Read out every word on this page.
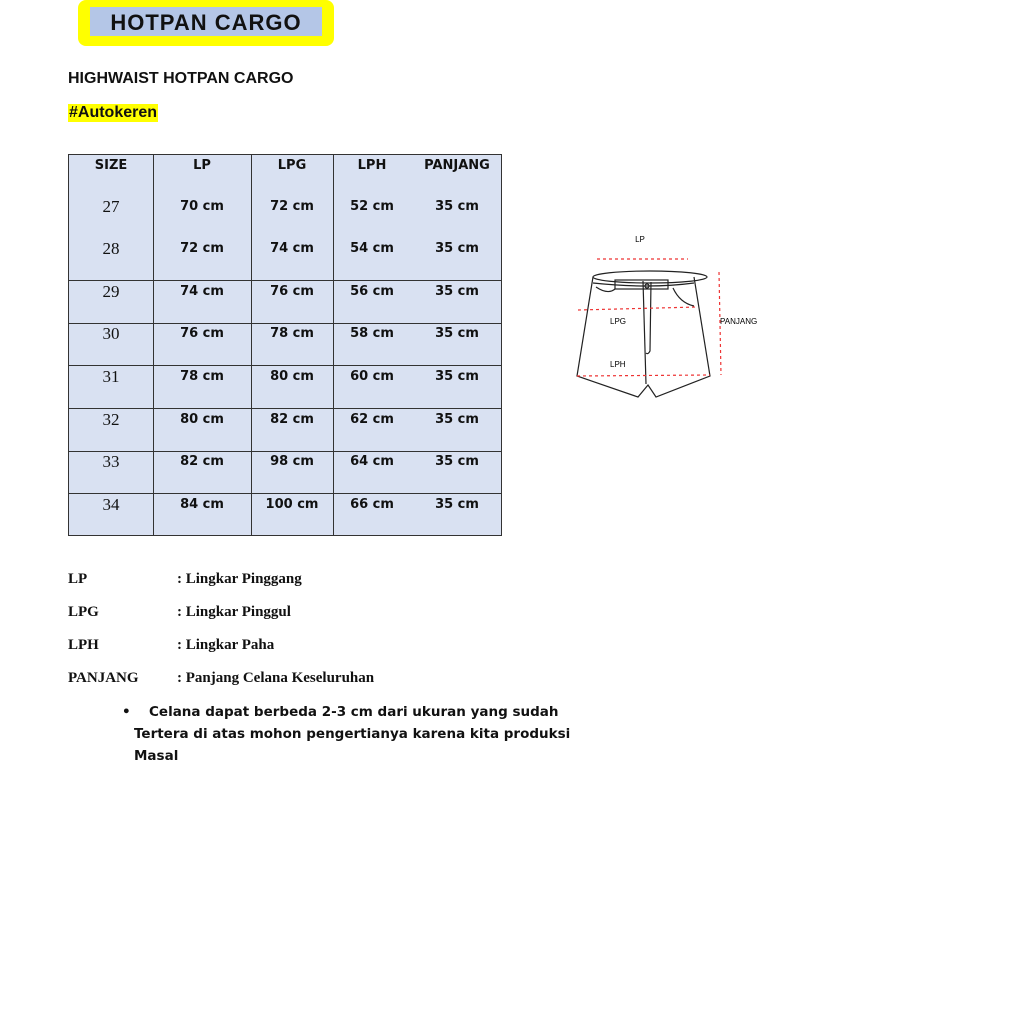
HOTPAN CARGO
HIGHWAIST HOTPAN CARGO
#Autokeren
SIZE	LP	LPG	LPH	PANJANG
27	70 cm	72 cm	52 cm	35 cm
28	72 cm	74 cm	54 cm	35 cm
29	74 cm	76 cm	56 cm	35 cm
30	76 cm	78 cm	58 cm	35 cm
31	78 cm	80 cm	60 cm	35 cm
32	80 cm	82 cm	62 cm	35 cm
33	82 cm	98 cm	64 cm	35 cm
34	84 cm	100 cm 66 cm	35 cm
LP
LPG
LPH
PANJANG
LP	: Lingkar Pinggang
LPG	: Lingkar Pinggul
LPH	: Lingkar Paha
PANJANG	: Panjang Celana Keseluruhan
• Celana dapat berbeda 2-3 cm dari ukuran yang sudah
Tertera di atas mohon pengertianya karena kita produksi
Masal
